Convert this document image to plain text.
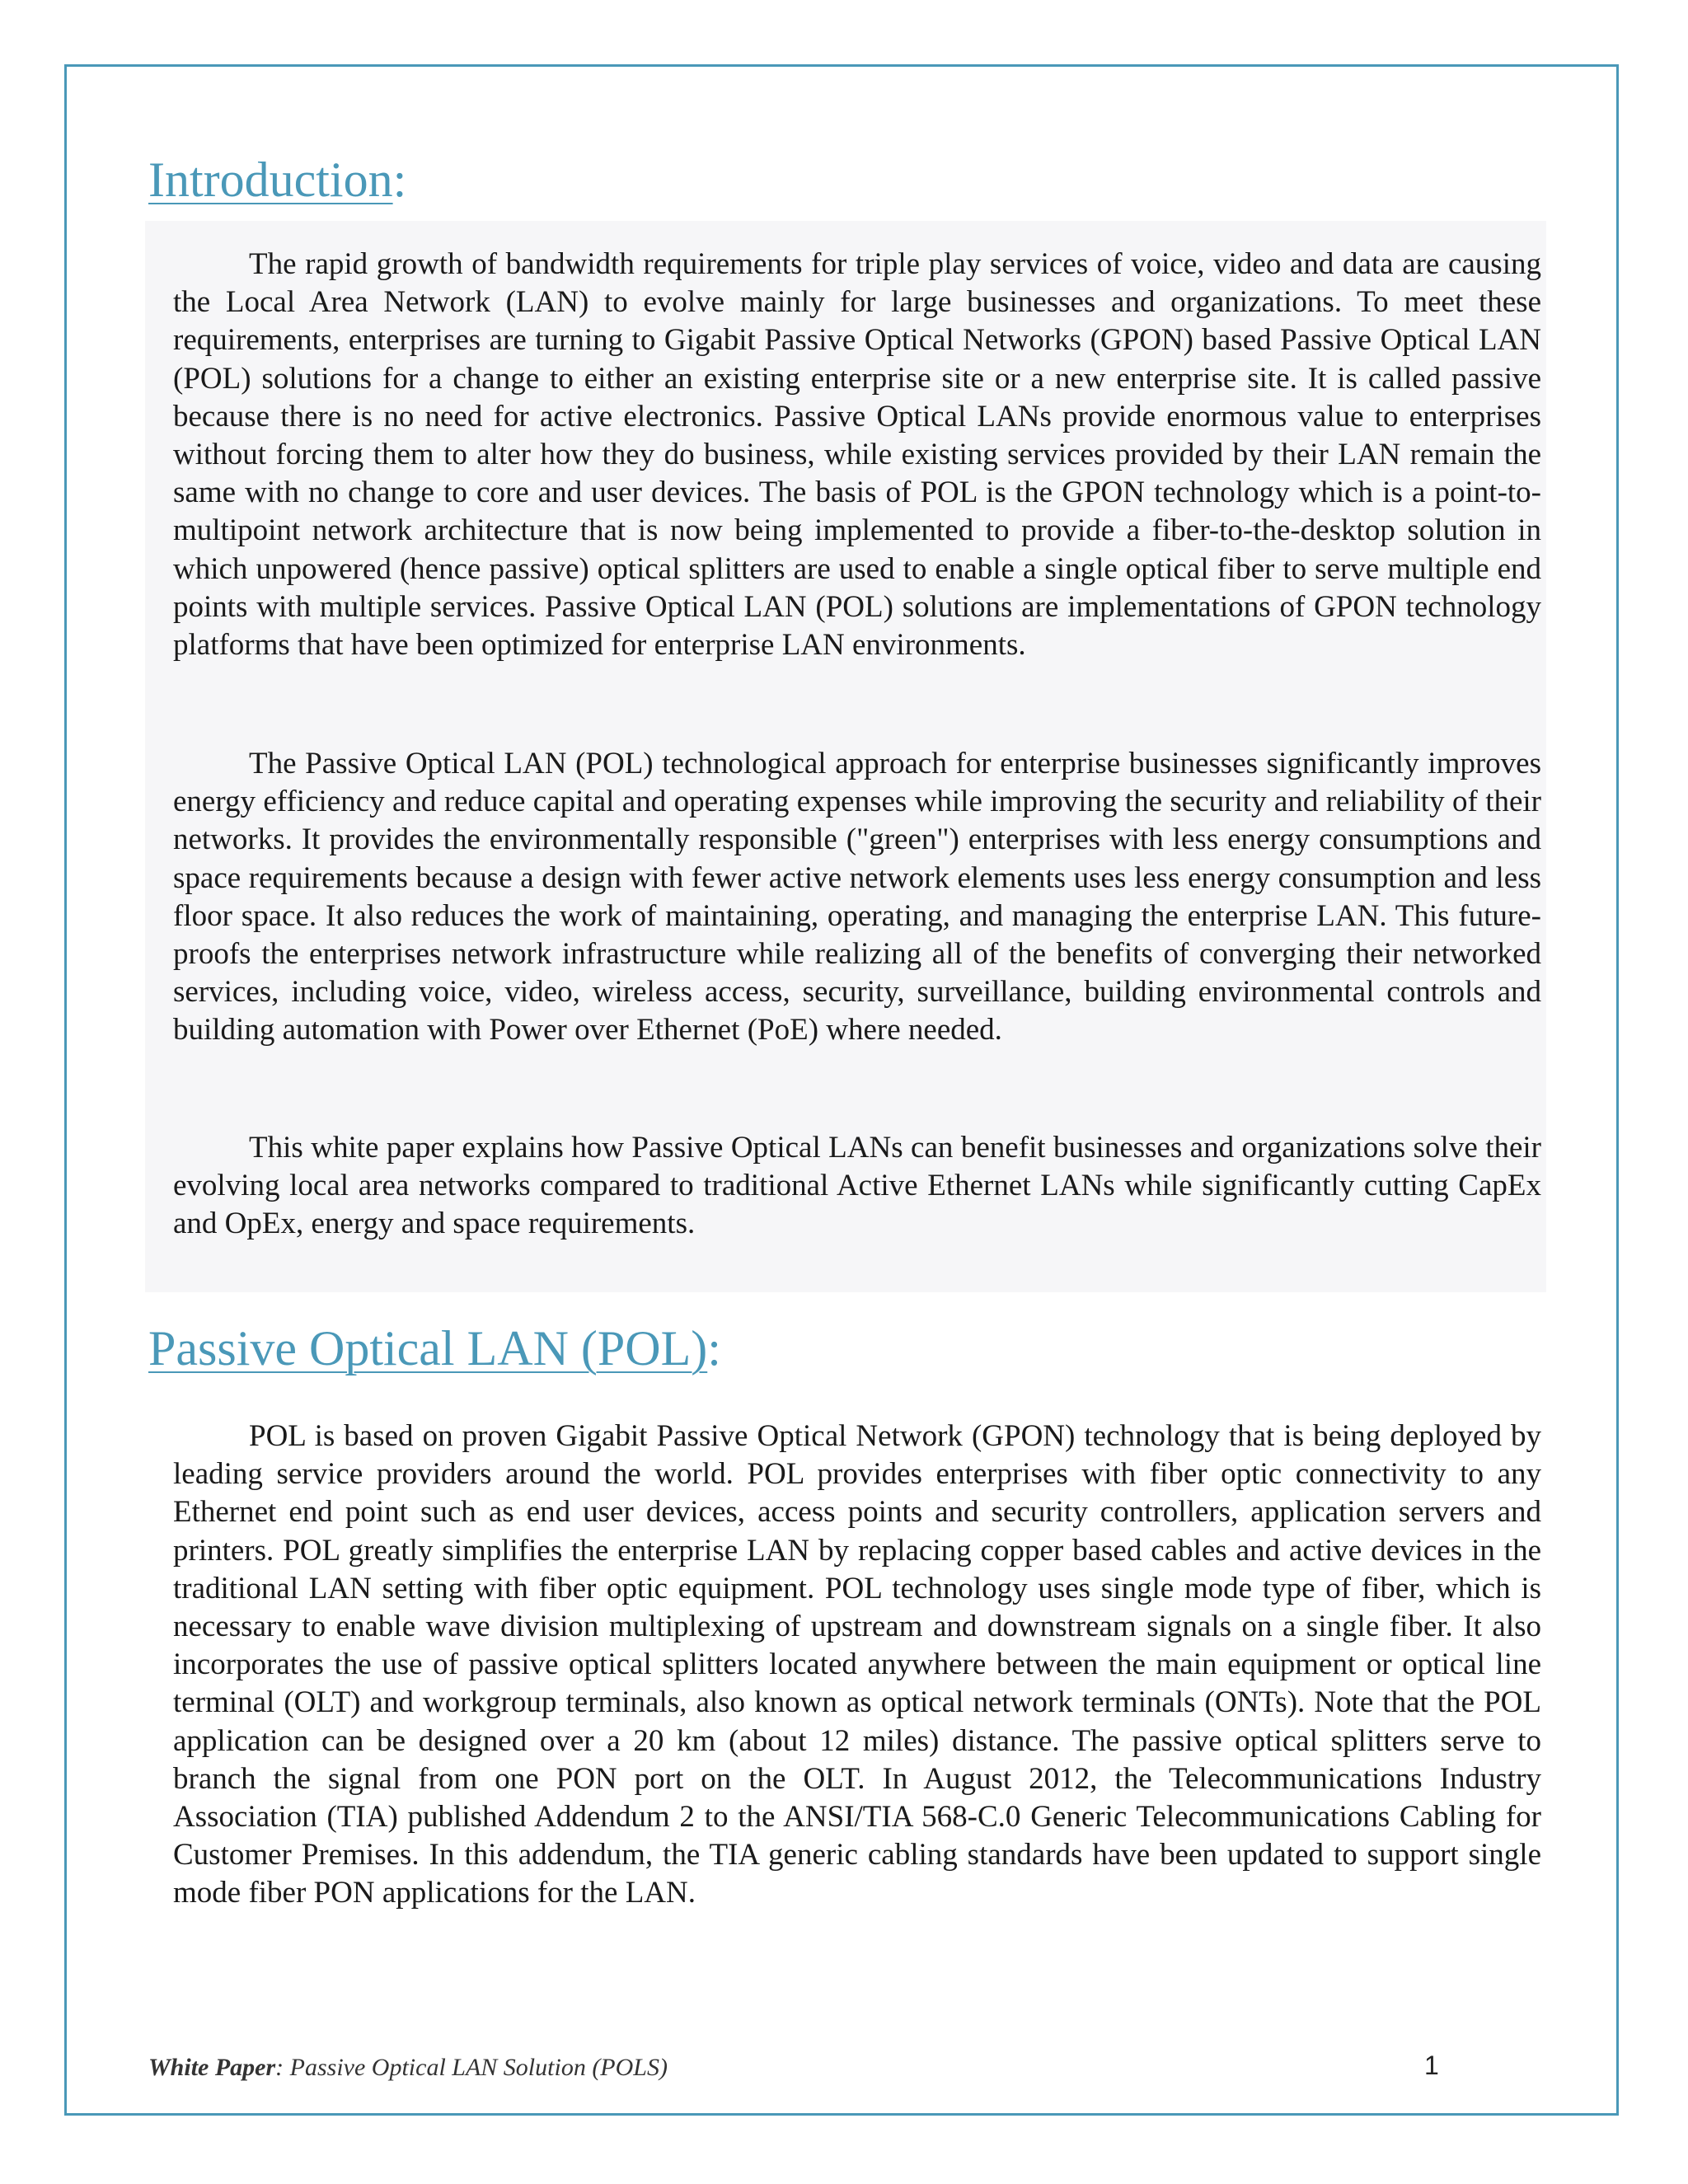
Introduction:

The rapid growth of bandwidth requirements for triple play services of voice, video and data are causing the Local Area Network (LAN) to evolve mainly for large businesses and organizations. To meet these requirements, enterprises are turning to Gigabit Passive Optical Networks (GPON) based Passive Optical LAN (POL) solutions for a change to either an existing enterprise site or a new enterprise site. It is called passive because there is no need for active electronics. Passive Optical LANs provide enormous value to enterprises without forcing them to alter how they do business, while existing services provided by their LAN remain the same with no change to core and user devices. The basis of POL is the GPON technology which is a point-to-multipoint network architecture that is now being implemented to provide a fiber-to-the-desktop solution in which unpowered (hence passive) optical splitters are used to enable a single optical fiber to serve multiple end points with multiple services. Passive Optical LAN (POL) solutions are implementations of GPON technology platforms that have been optimized for enterprise LAN environments.

The Passive Optical LAN (POL) technological approach for enterprise businesses significantly improves energy efficiency and reduce capital and operating expenses while improving the security and reliability of their networks. It provides the environmentally responsible ("green") enterprises with less energy consumptions and space requirements because a design with fewer active network elements uses less energy consumption and less floor space. It also reduces the work of maintaining, operating, and managing the enterprise LAN. This future-proofs the enterprises network infrastructure while realizing all of the benefits of converging their networked services, including voice, video, wireless access, security, surveillance, building environmental controls and building automation with Power over Ethernet (PoE) where needed.

This white paper explains how Passive Optical LANs can benefit businesses and organizations solve their evolving local area networks compared to traditional Active Ethernet LANs while significantly cutting CapEx and OpEx, energy and space requirements.

Passive Optical LAN (POL):

POL is based on proven Gigabit Passive Optical Network (GPON) technology that is being deployed by leading service providers around the world. POL provides enterprises with fiber optic connectivity to any Ethernet end point such as end user devices, access points and security controllers, application servers and printers. POL greatly simplifies the enterprise LAN by replacing copper based cables and active devices in the traditional LAN setting with fiber optic equipment. POL technology uses single mode type of fiber, which is necessary to enable wave division multiplexing of upstream and downstream signals on a single fiber. It also incorporates the use of passive optical splitters located anywhere between the main equipment or optical line terminal (OLT) and workgroup terminals, also known as optical network terminals (ONTs). Note that the POL application can be designed over a 20 km (about 12 miles) distance. The passive optical splitters serve to branch the signal from one PON port on the OLT. In August 2012, the Telecommunications Industry Association (TIA) published Addendum 2 to the ANSI/TIA 568-C.0 Generic Telecommunications Cabling for Customer Premises. In this addendum, the TIA generic cabling standards have been updated to support single mode fiber PON applications for the LAN.

White Paper: Passive Optical LAN Solution (POLS)	1
